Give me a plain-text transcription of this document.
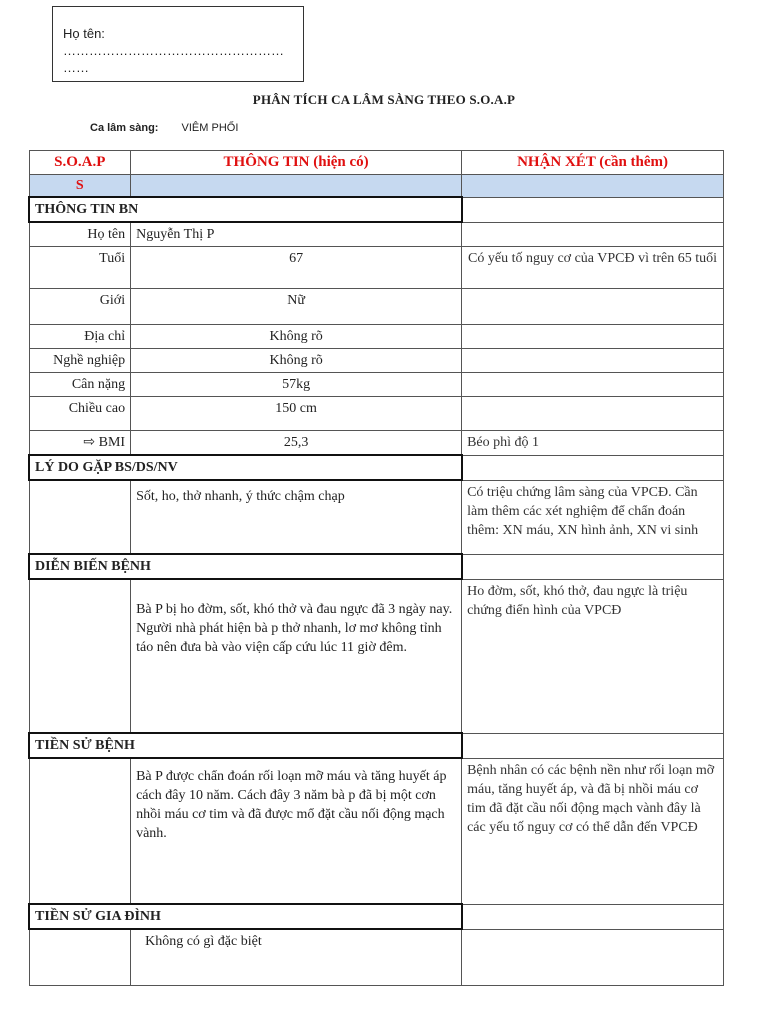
Họ tên:
……………………………………………
……
PHÂN TÍCH CA LÂM SÀNG THEO S.O.A.P
Ca lâm sàng: VIÊM PHỔI
S.O.A.P	THÔNG TIN (hiện có)	NHẬN XÉT (cần thêm)
S		
THÔNG TIN BN		
Họ tên	Nguyễn Thị P	
Tuổi	67	Có yếu tố nguy cơ của VPCĐ vì trên 65 tuổi
Giới	Nữ	
Địa chỉ	Không rõ	
Nghề nghiệp	Không rõ	
Cân nặng	57kg	
Chiều cao	150 cm	
⇨ BMI	25,3	Béo phì độ 1
LÝ DO GẶP BS/DS/NV		
	Sốt, ho, thở nhanh, ý thức chậm chạp	Có triệu chứng lâm sàng của VPCĐ. Cần làm thêm các xét nghiệm để chẩn đoán thêm: XN máu, XN hình ảnh, XN vi sinh
DIỄN BIẾN BỆNH		
	Bà P bị ho đờm, sốt, khó thở và đau ngực đã 3 ngày nay. Người nhà phát hiện bà p thở nhanh, lơ mơ không tỉnh táo nên đưa bà vào viện cấp cứu lúc 11 giờ đêm.	Ho đờm, sốt, khó thở, đau ngực là triệu chứng điển hình của VPCĐ
TIỀN SỬ BỆNH		
	Bà P được chẩn đoán rối loạn mỡ máu và tăng huyết áp cách đây 10 năm. Cách đây 3 năm bà p đã bị một cơn nhồi máu cơ tim và đã được mổ đặt cầu nối động mạch vành.	Bệnh nhân có các bệnh nền như rối loạn mỡ máu, tăng huyết áp, và đã bị nhồi máu cơ tim đã đặt cầu nối động mạch vành đây là các yếu tố nguy cơ có thể dẫn đến VPCĐ
TIỀN SỬ GIA ĐÌNH		
	Không có gì đặc biệt	
